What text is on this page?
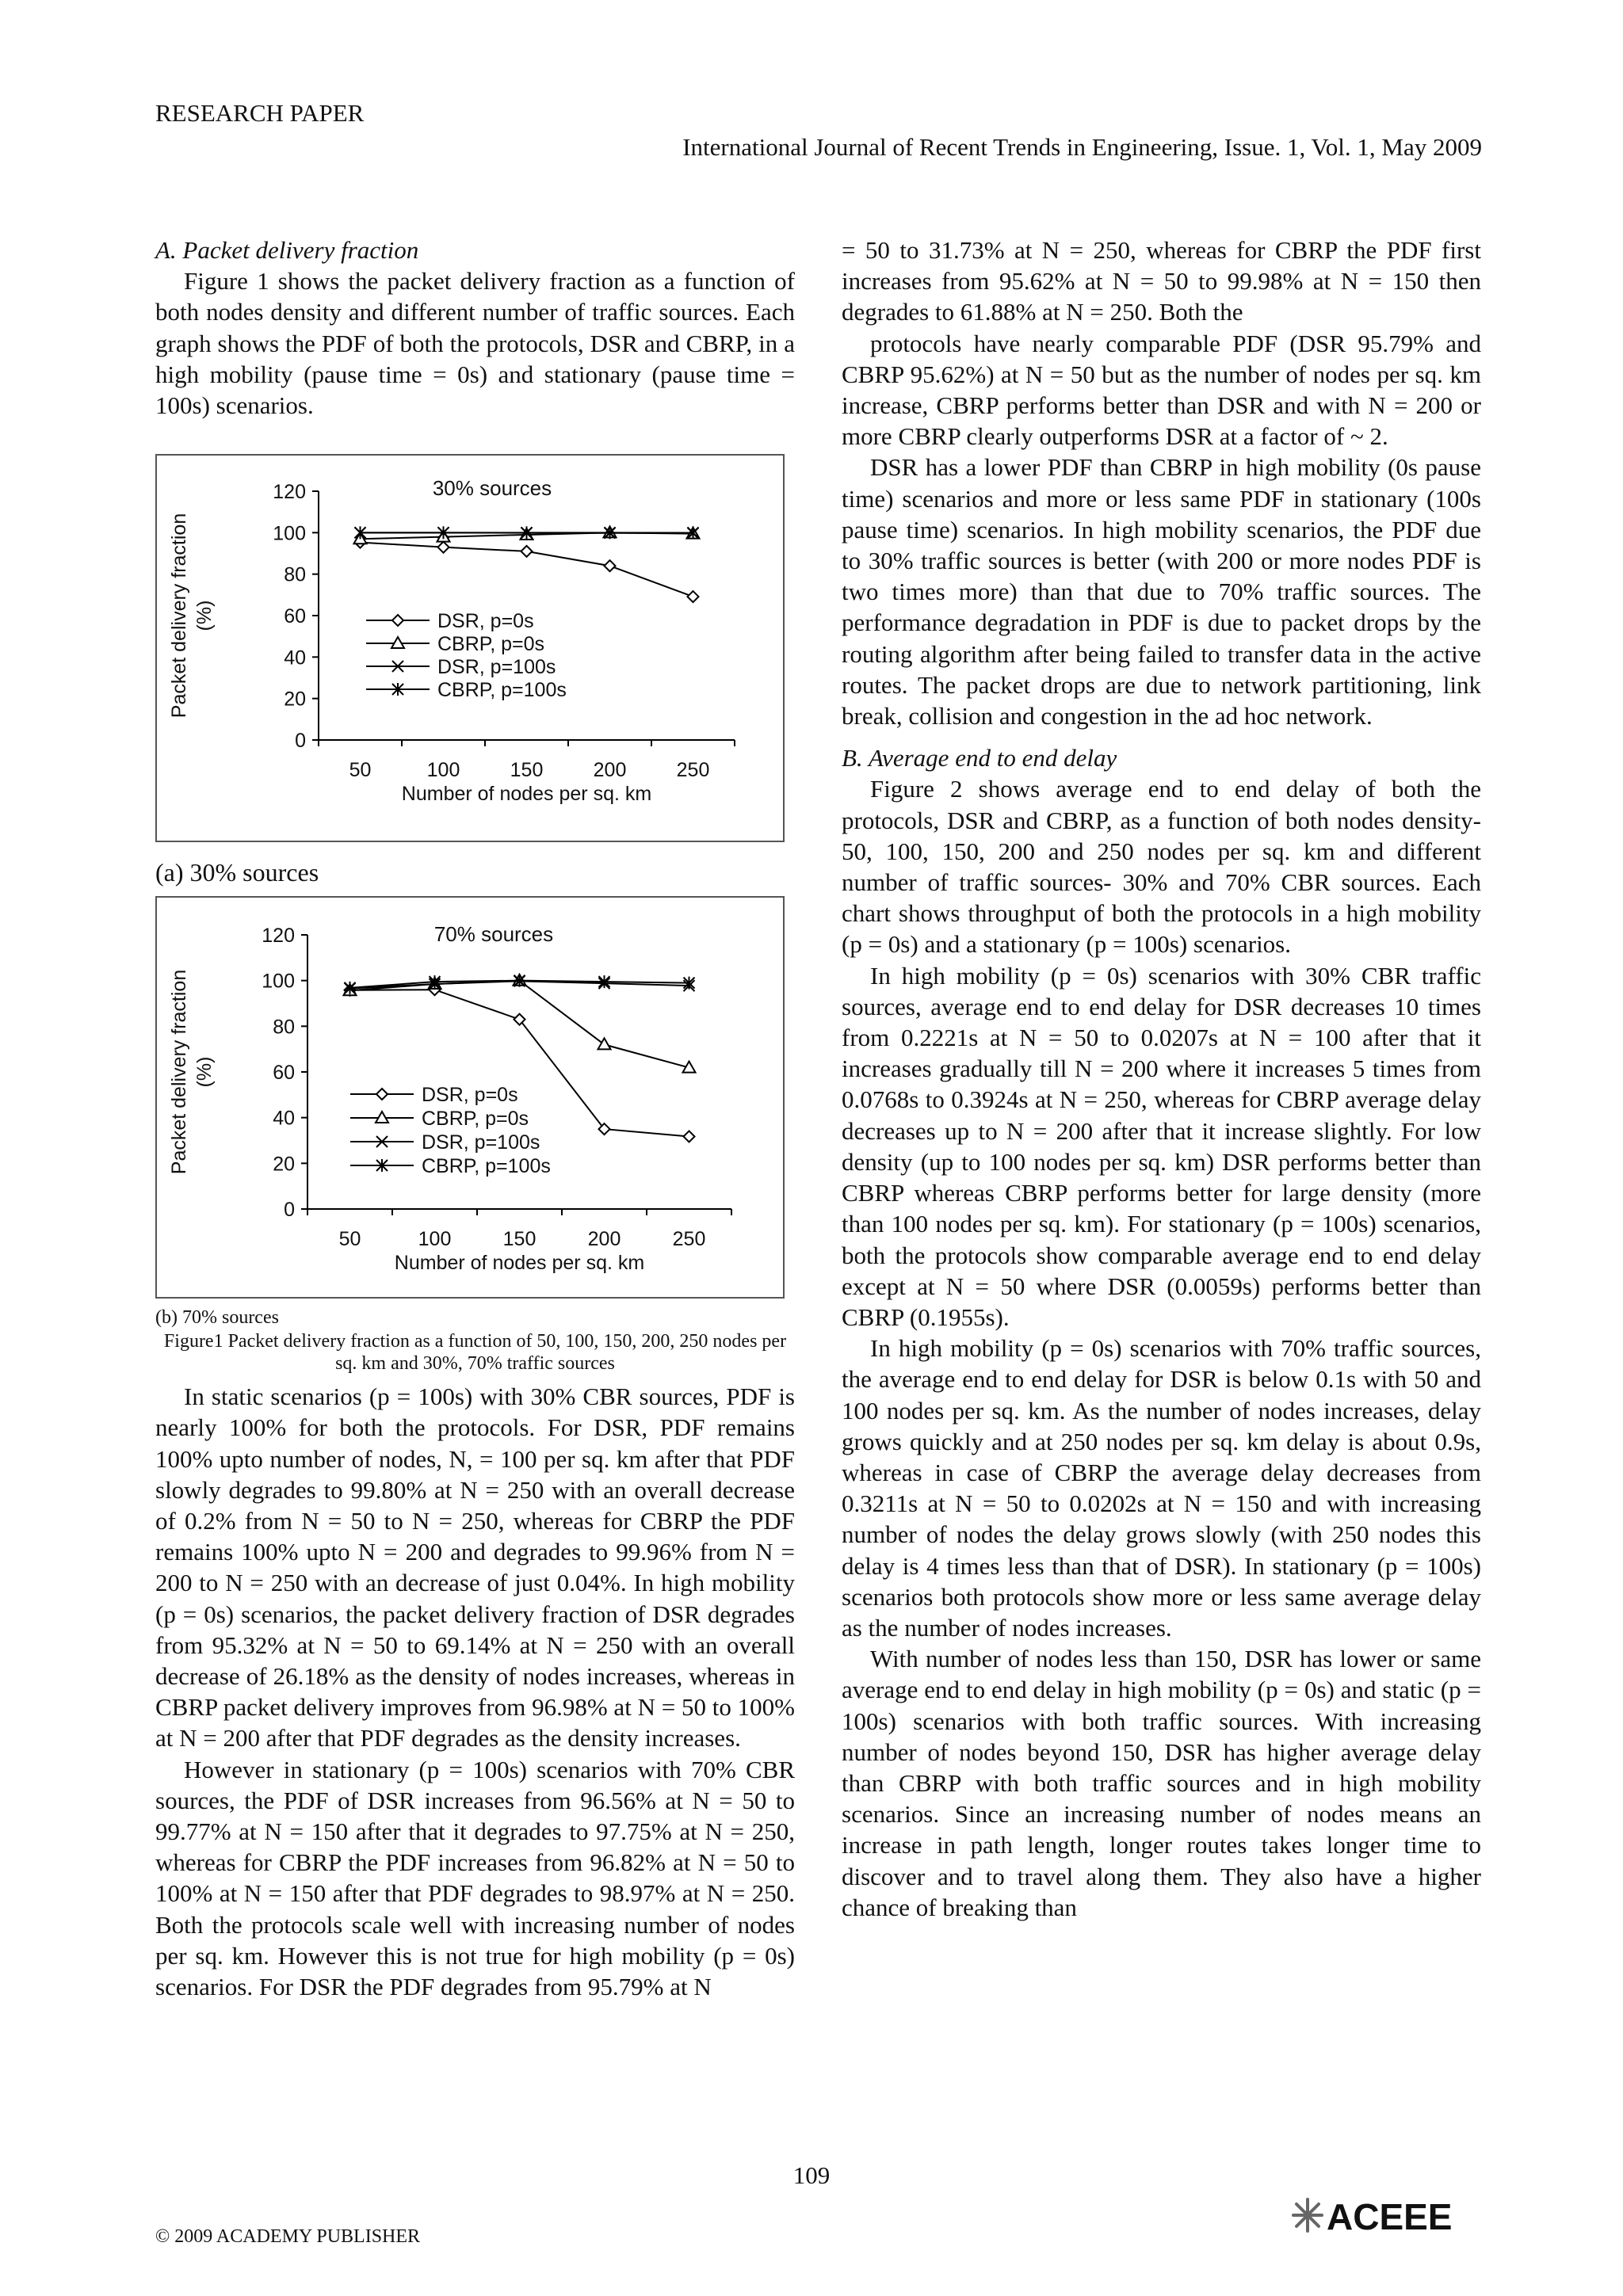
RESEARCH PAPER
International Journal of Recent Trends in Engineering, Issue. 1, Vol. 1, May 2009

A. Packet delivery fraction

Figure 1 shows the packet delivery fraction as a function of both nodes density and different number of traffic sources. Each graph shows the PDF of both the protocols, DSR and CBRP, in a high mobility (pause time = 0s) and stationary (pause time = 100s) scenarios.

0
20
40
60
80
100
120
50	100	150	200	250
Number of nodes per sq. km
Packet delivery fraction (%)
30% sources
DSR, p=0s
CBRP, p=0s
DSR, p=100s
CBRP, p=100s

(a) 30% sources

0
20
40
60
80
100
120
50	100	150	200	250
Number of nodes per sq. km
Packet delivery fraction (%)
70% sources
DSR, p=0s
CBRP, p=0s
DSR, p=100s
CBRP, p=100s

(b) 70% sources

Figure1 Packet delivery fraction as a function of 50, 100, 150, 200, 250 nodes per sq. km and 30%, 70% traffic sources

In static scenarios (p = 100s) with 30% CBR sources, PDF is nearly 100% for both the protocols. For DSR, PDF remains 100% upto number of nodes, N, = 100 per sq. km after that PDF slowly degrades to 99.80% at N = 250 with an overall decrease of 0.2% from N = 50 to N = 250, whereas for CBRP the PDF remains 100% upto N = 200 and degrades to 99.96% from N = 200 to N = 250 with an decrease of just 0.04%. In high mobility (p = 0s) scenarios, the packet delivery fraction of DSR degrades from 95.32% at N = 50 to 69.14% at N = 250 with an overall decrease of 26.18% as the density of nodes increases, whereas in CBRP packet delivery improves from 96.98% at N = 50 to 100% at N = 200 after that PDF degrades as the density increases.

However in stationary (p = 100s) scenarios with 70% CBR sources, the PDF of DSR increases from 96.56% at N = 50 to 99.77% at N = 150 after that it degrades to 97.75% at N = 250, whereas for CBRP the PDF increases from 96.82% at N = 50 to 100% at N = 150 after that PDF degrades to 98.97% at N = 250. Both the protocols scale well with increasing number of nodes per sq. km. However this is not true for high mobility (p = 0s) scenarios. For DSR the PDF degrades from 95.79% at N

= 50 to 31.73% at N = 250, whereas for CBRP the PDF first increases from 95.62% at N = 50 to 99.98% at N = 150 then degrades to 61.88% at N = 250. Both the

protocols have nearly comparable PDF (DSR 95.79% and CBRP 95.62%) at N = 50 but as the number of nodes per sq. km increase, CBRP performs better than DSR and with N = 200 or more CBRP clearly outperforms DSR at a factor of ~ 2.

DSR has a lower PDF than CBRP in high mobility (0s pause time) scenarios and more or less same PDF in stationary (100s pause time) scenarios. In high mobility scenarios, the PDF due to 30% traffic sources is better (with 200 or more nodes PDF is two times more) than that due to 70% traffic sources. The performance degradation in PDF is due to packet drops by the routing algorithm after being failed to transfer data in the active routes. The packet drops are due to network partitioning, link break, collision and congestion in the ad hoc network.

B. Average end to end delay

Figure 2 shows average end to end delay of both the protocols, DSR and CBRP, as a function of both nodes density- 50, 100, 150, 200 and 250 nodes per sq. km and different number of traffic sources- 30% and 70% CBR sources. Each chart shows throughput of both the protocols in a high mobility (p = 0s) and a stationary (p = 100s) scenarios.

In high mobility (p = 0s) scenarios with 30% CBR traffic sources, average end to end delay for DSR decreases 10 times from 0.2221s at N = 50 to 0.0207s at N = 100 after that it increases gradually till N = 200 where it increases 5 times from 0.0768s to 0.3924s at N = 250, whereas for CBRP average delay decreases up to N = 200 after that it increase slightly. For low density (up to 100 nodes per sq. km) DSR performs better than CBRP whereas CBRP performs better for large density (more than 100 nodes per sq. km). For stationary (p = 100s) scenarios, both the protocols show comparable average end to end delay except at N = 50 where DSR (0.0059s) performs better than CBRP (0.1955s).

In high mobility (p = 0s) scenarios with 70% traffic sources, the average end to end delay for DSR is below 0.1s with 50 and 100 nodes per sq. km. As the number of nodes increases, delay grows quickly and at 250 nodes per sq. km delay is about 0.9s, whereas in case of CBRP the average delay decreases from 0.3211s at N = 50 to 0.0202s at N = 150 and with increasing number of nodes the delay grows slowly (with 250 nodes this delay is 4 times less than that of DSR). In stationary (p = 100s) scenarios both protocols show more or less same average delay as the number of nodes increases.

With number of nodes less than 150, DSR has lower or same average end to end delay in high mobility (p = 0s) and static (p = 100s) scenarios with both traffic sources. With increasing number of nodes beyond 150, DSR has higher average delay than CBRP with both traffic sources and in high mobility scenarios. Since an increasing number of nodes means an increase in path length, longer routes takes longer time to discover and to travel along them. They also have a higher chance of breaking than

109
© 2009 ACADEMY PUBLISHER	ACEEE
